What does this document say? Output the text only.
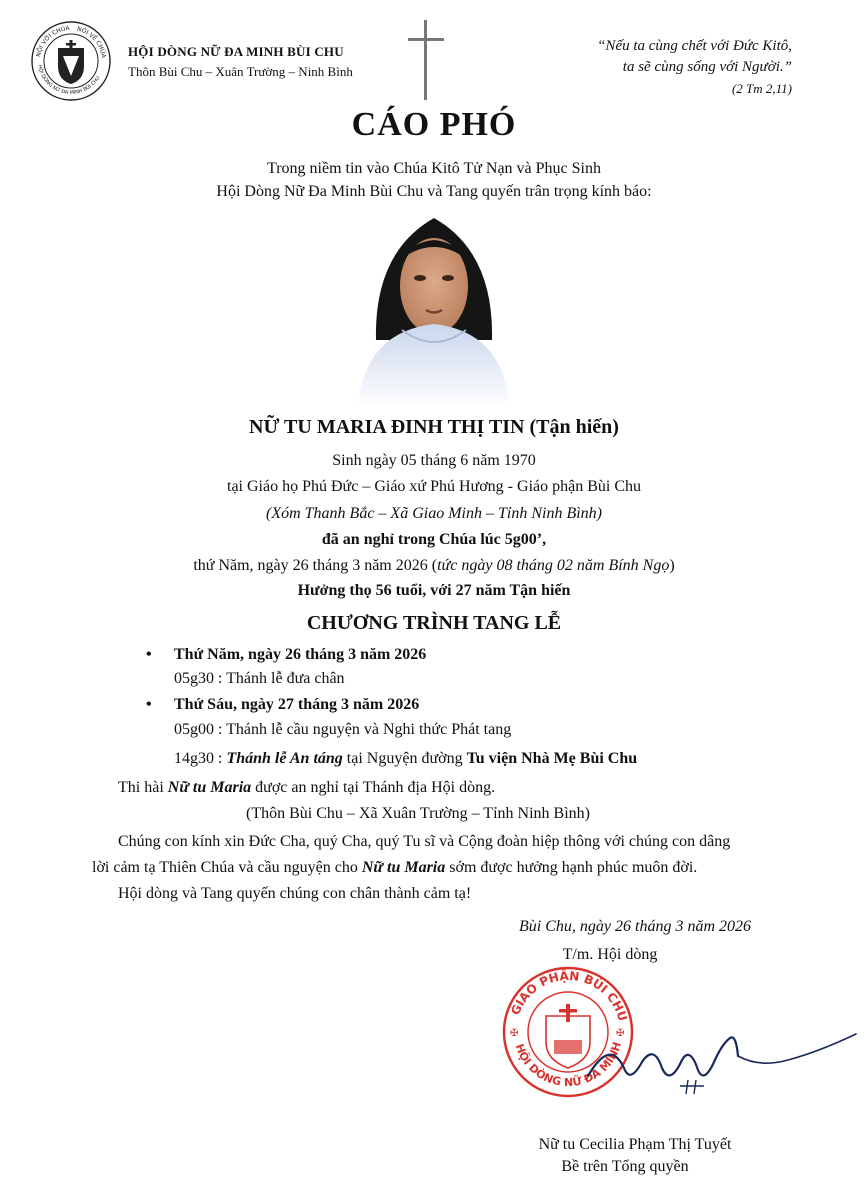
NỘI VỚI CHÚA NÓI VỀ CHÚA
HỘI DÒNG NỮ ĐA MINH BÙI CHU
HỘI DÒNG NỮ ĐA MINH BÙI CHU
Thôn Bùi Chu – Xuân Trường – Ninh Bình
“Nếu ta cùng chết với Đức Kitô,
ta sẽ cùng sống với Người.”
(2 Tm 2,11)
CÁO PHÓ
Trong niềm tin vào Chúa Kitô Tử Nạn và Phục Sinh
Hội Dòng Nữ Đa Minh Bùi Chu và Tang quyến trân trọng kính báo:
NỮ TU MARIA ĐINH THỊ TIN (Tận hiến)
Sinh ngày 05 tháng 6 năm 1970
tại Giáo họ Phú Đức – Giáo xứ Phú Hương - Giáo phận Bùi Chu
(Xóm Thanh Bắc – Xã Giao Minh – Tỉnh Ninh Bình)
đã an nghỉ trong Chúa lúc 5g00’,
thứ Năm, ngày 26 tháng 3 năm 2026 (tức ngày 08 tháng 02 năm Bính Ngọ)
Hưởng thọ 56 tuổi, với 27 năm Tận hiến
CHƯƠNG TRÌNH TANG LỄ
• Thứ Năm, ngày 26 tháng 3 năm 2026
05g30 : Thánh lễ đưa chân
• Thứ Sáu, ngày 27 tháng 3 năm 2026
05g00 : Thánh lễ cầu nguyện và Nghi thức Phát tang
14g30 : Thánh lễ An táng tại Nguyện đường Tu viện Nhà Mẹ Bùi Chu
Thi hài Nữ tu Maria được an nghỉ tại Thánh địa Hội dòng.
(Thôn Bùi Chu – Xã Xuân Trường – Tỉnh Ninh Bình)
Chúng con kính xin Đức Cha, quý Cha, quý Tu sĩ và Cộng đoàn hiệp thông với chúng con dâng
lời cảm tạ Thiên Chúa và cầu nguyện cho Nữ tu Maria sớm được hưởng hạnh phúc muôn đời.
Hội dòng và Tang quyến chúng con chân thành cảm tạ!
Bùi Chu, ngày 26 tháng 3 năm 2026
T/m. Hội dòng
GIAO PHẬN BÙI CHU
HỘI DÒNG NỮ ĐA MINH
✠	✠
Nữ tu Cecilia Phạm Thị Tuyết
Bề trên Tổng quyền
